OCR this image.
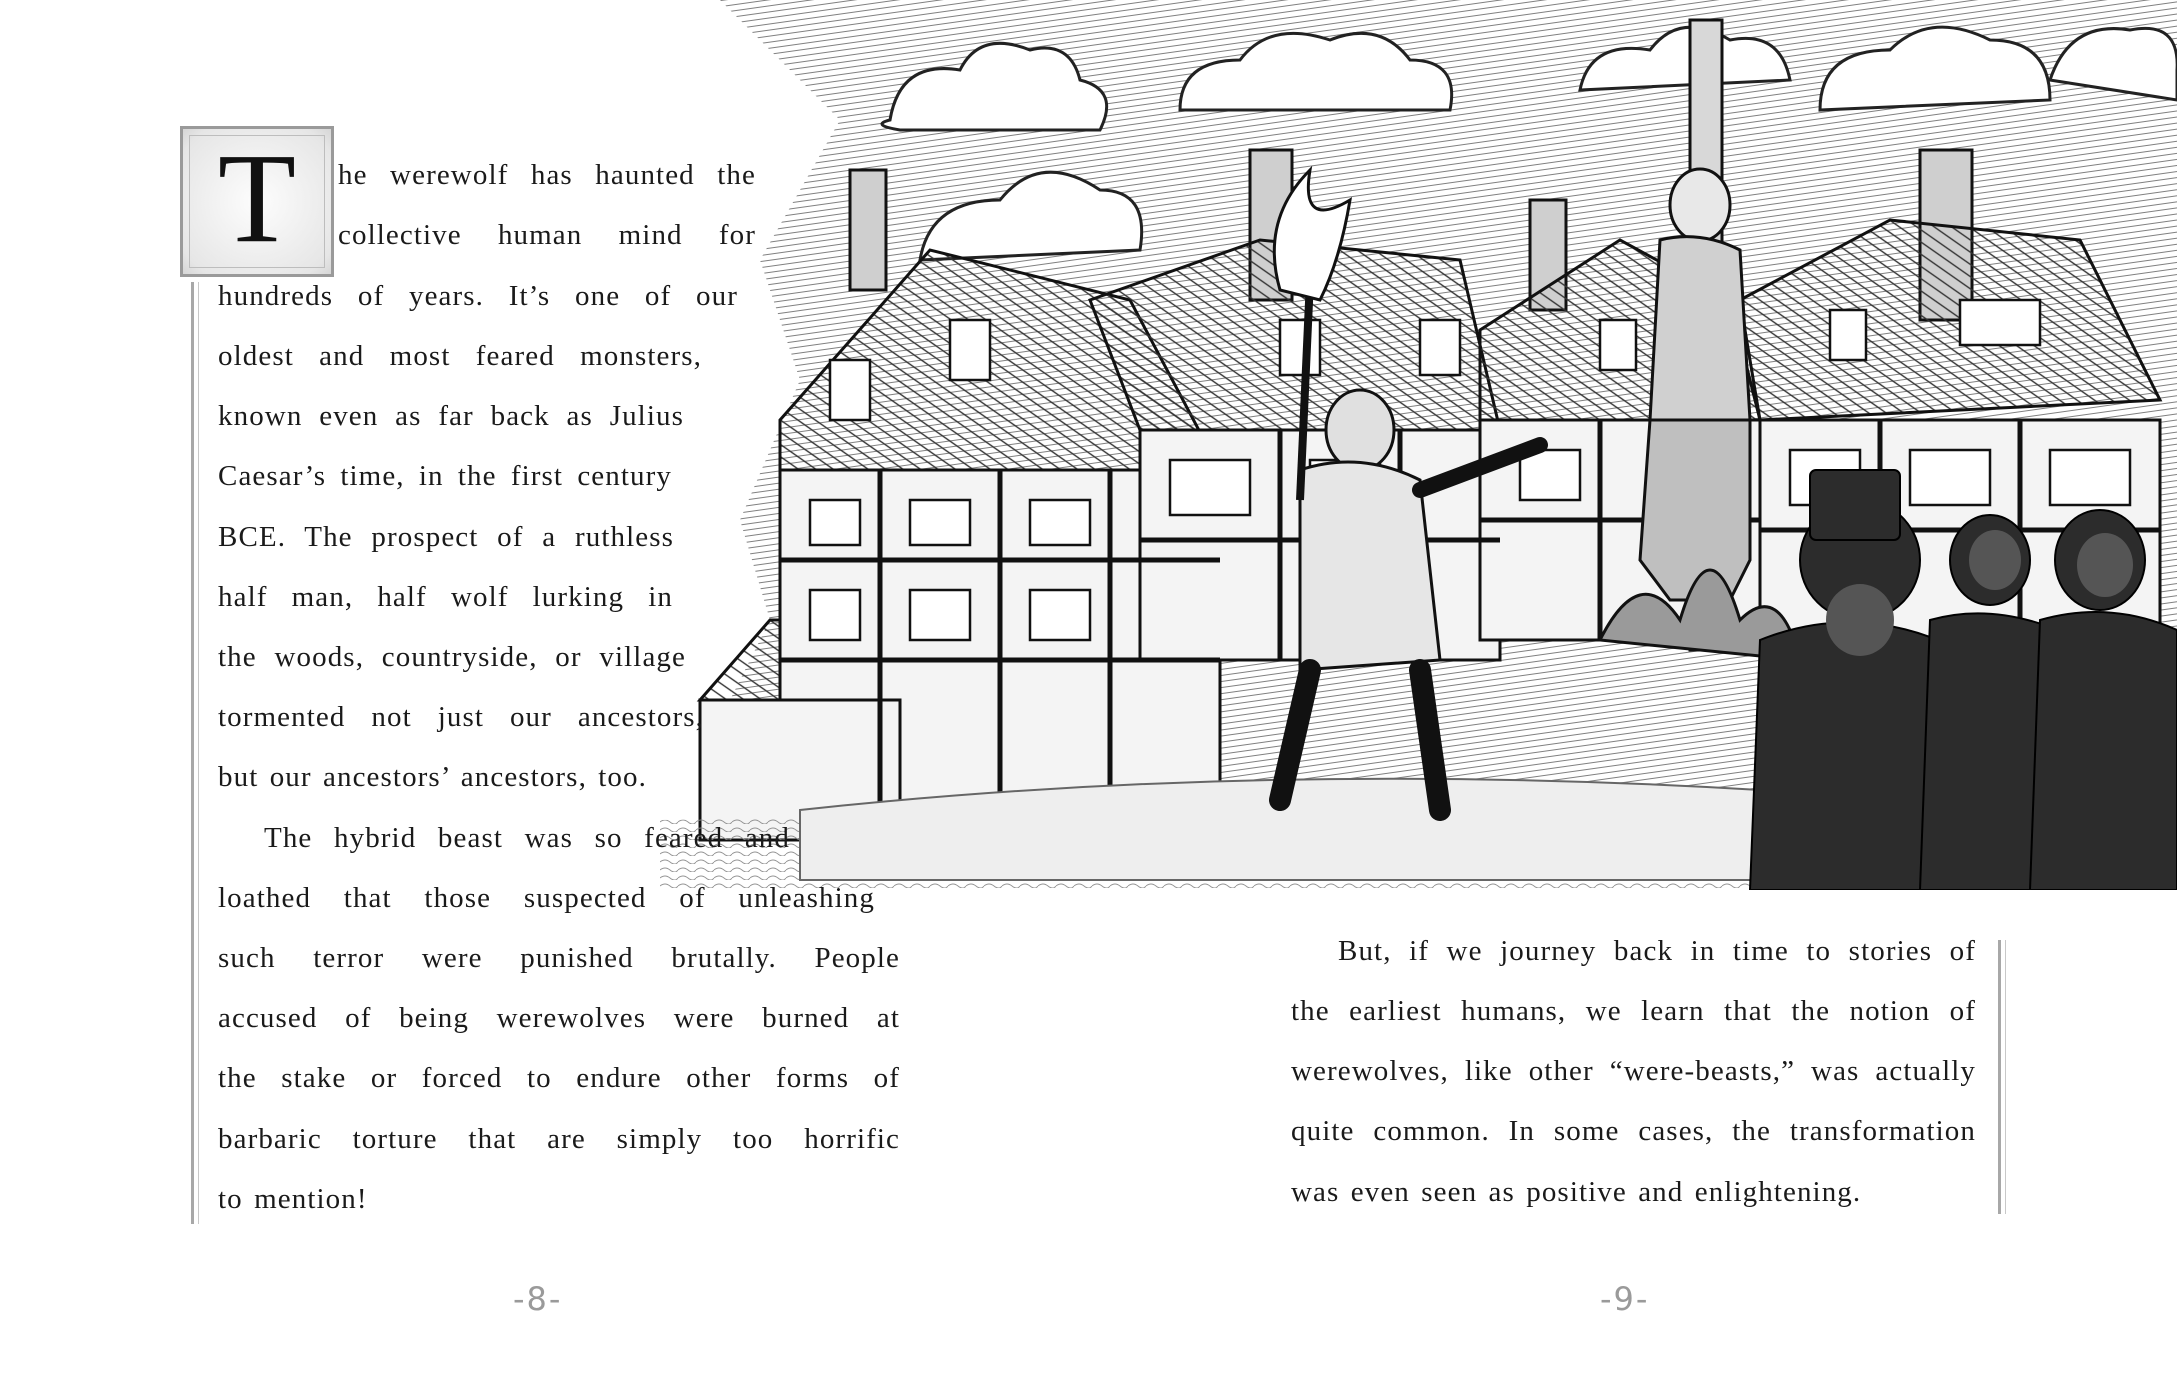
T	he werewolf has haunted the
collective human mind for
hundreds of years. It’s one of our
oldest and most feared monsters,
known even as far back as Julius
Caesar’s time, in the first century
BCE. The prospect of a ruthless
half man, half wolf lurking in
the woods, countryside, or village
tormented not just our ancestors,
but our ancestors’ ancestors, too.
The hybrid beast was so feared and
loathed that those suspected of unleashing
such terror were punished brutally. People
accused of being werewolves were burned at
the stake or forced to endure other forms of
barbaric torture that are simply too horrific
to mention!
But, if we journey back in time to stories of
the earliest humans, we learn that the notion of
werewolves, like other “were-beasts,” was actually
quite common. In some cases, the transformation
was even seen as positive and enlightening.
-8-	-9-
